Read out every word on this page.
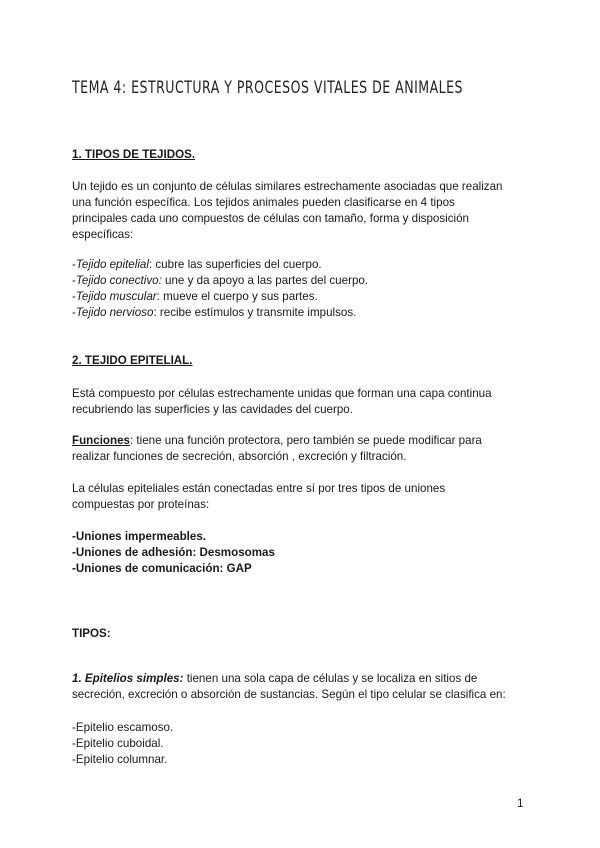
TEMA 4: ESTRUCTURA Y PROCESOS VITALES DE ANIMALES

1. TIPOS DE TEJIDOS.

Un tejido es un conjunto de células similares estrechamente asociadas que realizan
una función específica. Los tejidos animales pueden clasificarse en 4 tipos
principales cada uno compuestos de células con tamaño, forma y disposición
específicas:

-Tejido epitelial: cubre las superficies del cuerpo.
-Tejido conectivo: une y da apoyo a las partes del cuerpo.
-Tejido muscular: mueve el cuerpo y sus partes.
-Tejido nervioso: recibe estímulos y transmite impulsos.

2. TEJIDO EPITELIAL.

Está compuesto por células estrechamente unidas que forman una capa continua
recubriendo las superficies y las cavidades del cuerpo.

Funciones: tiene una función protectora, pero también se puede modificar para
realizar funciones de secreción, absorción , excreción y filtración.

La células epiteliales están conectadas entre sí por tres tipos de uniones
compuestas por proteínas:

-Uniones impermeables.
-Uniones de adhesión: Desmosomas
-Uniones de comunicación: GAP

TIPOS:

1. Epitelios simples: tienen una sola capa de células y se localiza en sitios de
secreción, excreción o absorción de sustancias. Según el tipo celular se clasifica en:

-Epitelio escamoso.
-Epitelio cuboidal.
-Epitelio columnar.

1
